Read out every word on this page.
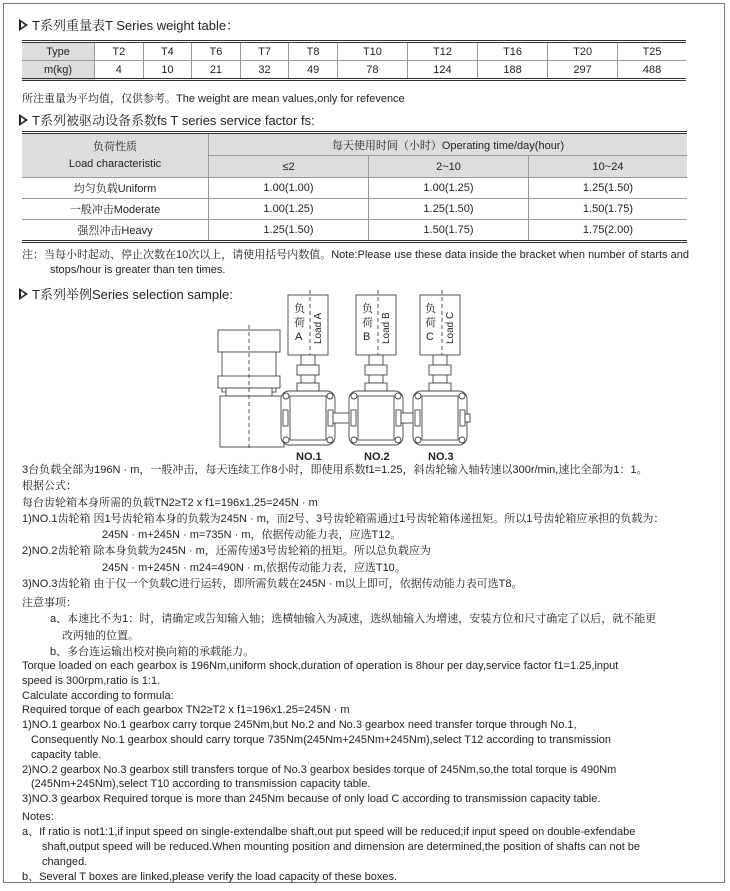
T系列重量表T Series weight table：
Type	T2	T4	T6	T7	T8	T10	T12	T16	T20	T25
m(kg)	4	10	21	32	49	78	124	188	297	488
所注重量为平均值，仅供参考。The weight are mean values,only for refevence
T系列被驱动设备系数fs T series service factor fs:
负荷性质
Load characteristic	每天使用时间（小时）Operating time/day(hour)		
	≤2	2~10	10~24
均匀负载Uniform	1.00(1.00)	1.00(1.25)	1.25(1.50)
一般冲击Moderate	1.00(1.25)	1.25(1.50)	1.50(1.75)
强烈冲击Heavy	1.25(1.50)	1.50(1.75)	1.75(2.00)

注：当每小时起动、停止次数在10次以上，请使用括号内数值。Note:Please use these data inside the bracket when number of starts and

stops/hour is greater than ten times.

T系列举例Series selection sample:
NO.1	NO.2	NO.3
负
荷
A Load A
负
荷
B Load B
负
荷
C Load C

3台负载全部为196N · m，一般冲击，每天连续工作8小时，即使用系数f1=1.25，斜齿轮输入轴转速以300r/min,速比全部为1：1。

根据公式：

每台齿轮箱本身所需的负载TN2≥T2 x f1=196x1.25=245N · m

1)NO.1齿轮箱 因1号齿轮箱本身的负载为245N · m，而2号、3号齿轮箱需通过1号齿轮箱体递扭矩。所以1号齿轮箱应承担的负载为：

245N · m+245N · m=735N · m，依据传动能力表，应选T12。

2)NO.2齿轮箱 除本身负载为245N · m，还需传递3号齿轮箱的扭矩。所以总负载应为

245N · m+245N · m24=490N · m,依据传动能力表，应选T10。

3)NO.3齿轮箱 由于仅一个负载C进行运转，即所需负载在245N · m以上即可，依据传动能力表可选T8。

注意事项：

a、本速比不为1：时，请确定或告知输入轴；选横轴输入为减速，选纵轴输入为增速，安装方位和尺寸确定了以后，就不能更

改两轴的位置。

b、多台连运输出校对换向箱的承载能力。

Torque loaded on each gearbox is 196Nm,uniform shock,duration of operation is 8hour per day,service factor f1=1.25,input

speed is 300rpm,ratio is 1:1.

Calculate according to formula:

Required torque of each gearbox TN2≥T2 x f1=196x1.25=245N · m

1)NO.1 gearbox No.1 gearbox carry torque 245Nm,but No.2 and No.3 gearbox need transfer torque through No.1,

Consequently No.1 gearbox should carry torque 735Nm(245Nm+245Nm+245Nm),select T12 according to transmission

capacity table.

2)NO.2 gearbox No.3 gearbox still transfers torque of No.3 gearbox besides torque of 245Nm,so,the total torque is 490Nm

(245Nm+245Nm),select T10 according to transmission capacity table.

3)NO.3 gearbox Required torque is more than 245Nm because of only load C according to transmission capacity table.

Notes:

a、If ratio is not1:1,if input speed on single-extendalbe shaft,out put speed will be reduced;if input speed on double-exfendabe

shaft,output speed will be reduced.When mounting position and dimension are determined,the position of shafts can not be

changed.

b、Several T boxes are linked,please verify the load capacity of these boxes.
